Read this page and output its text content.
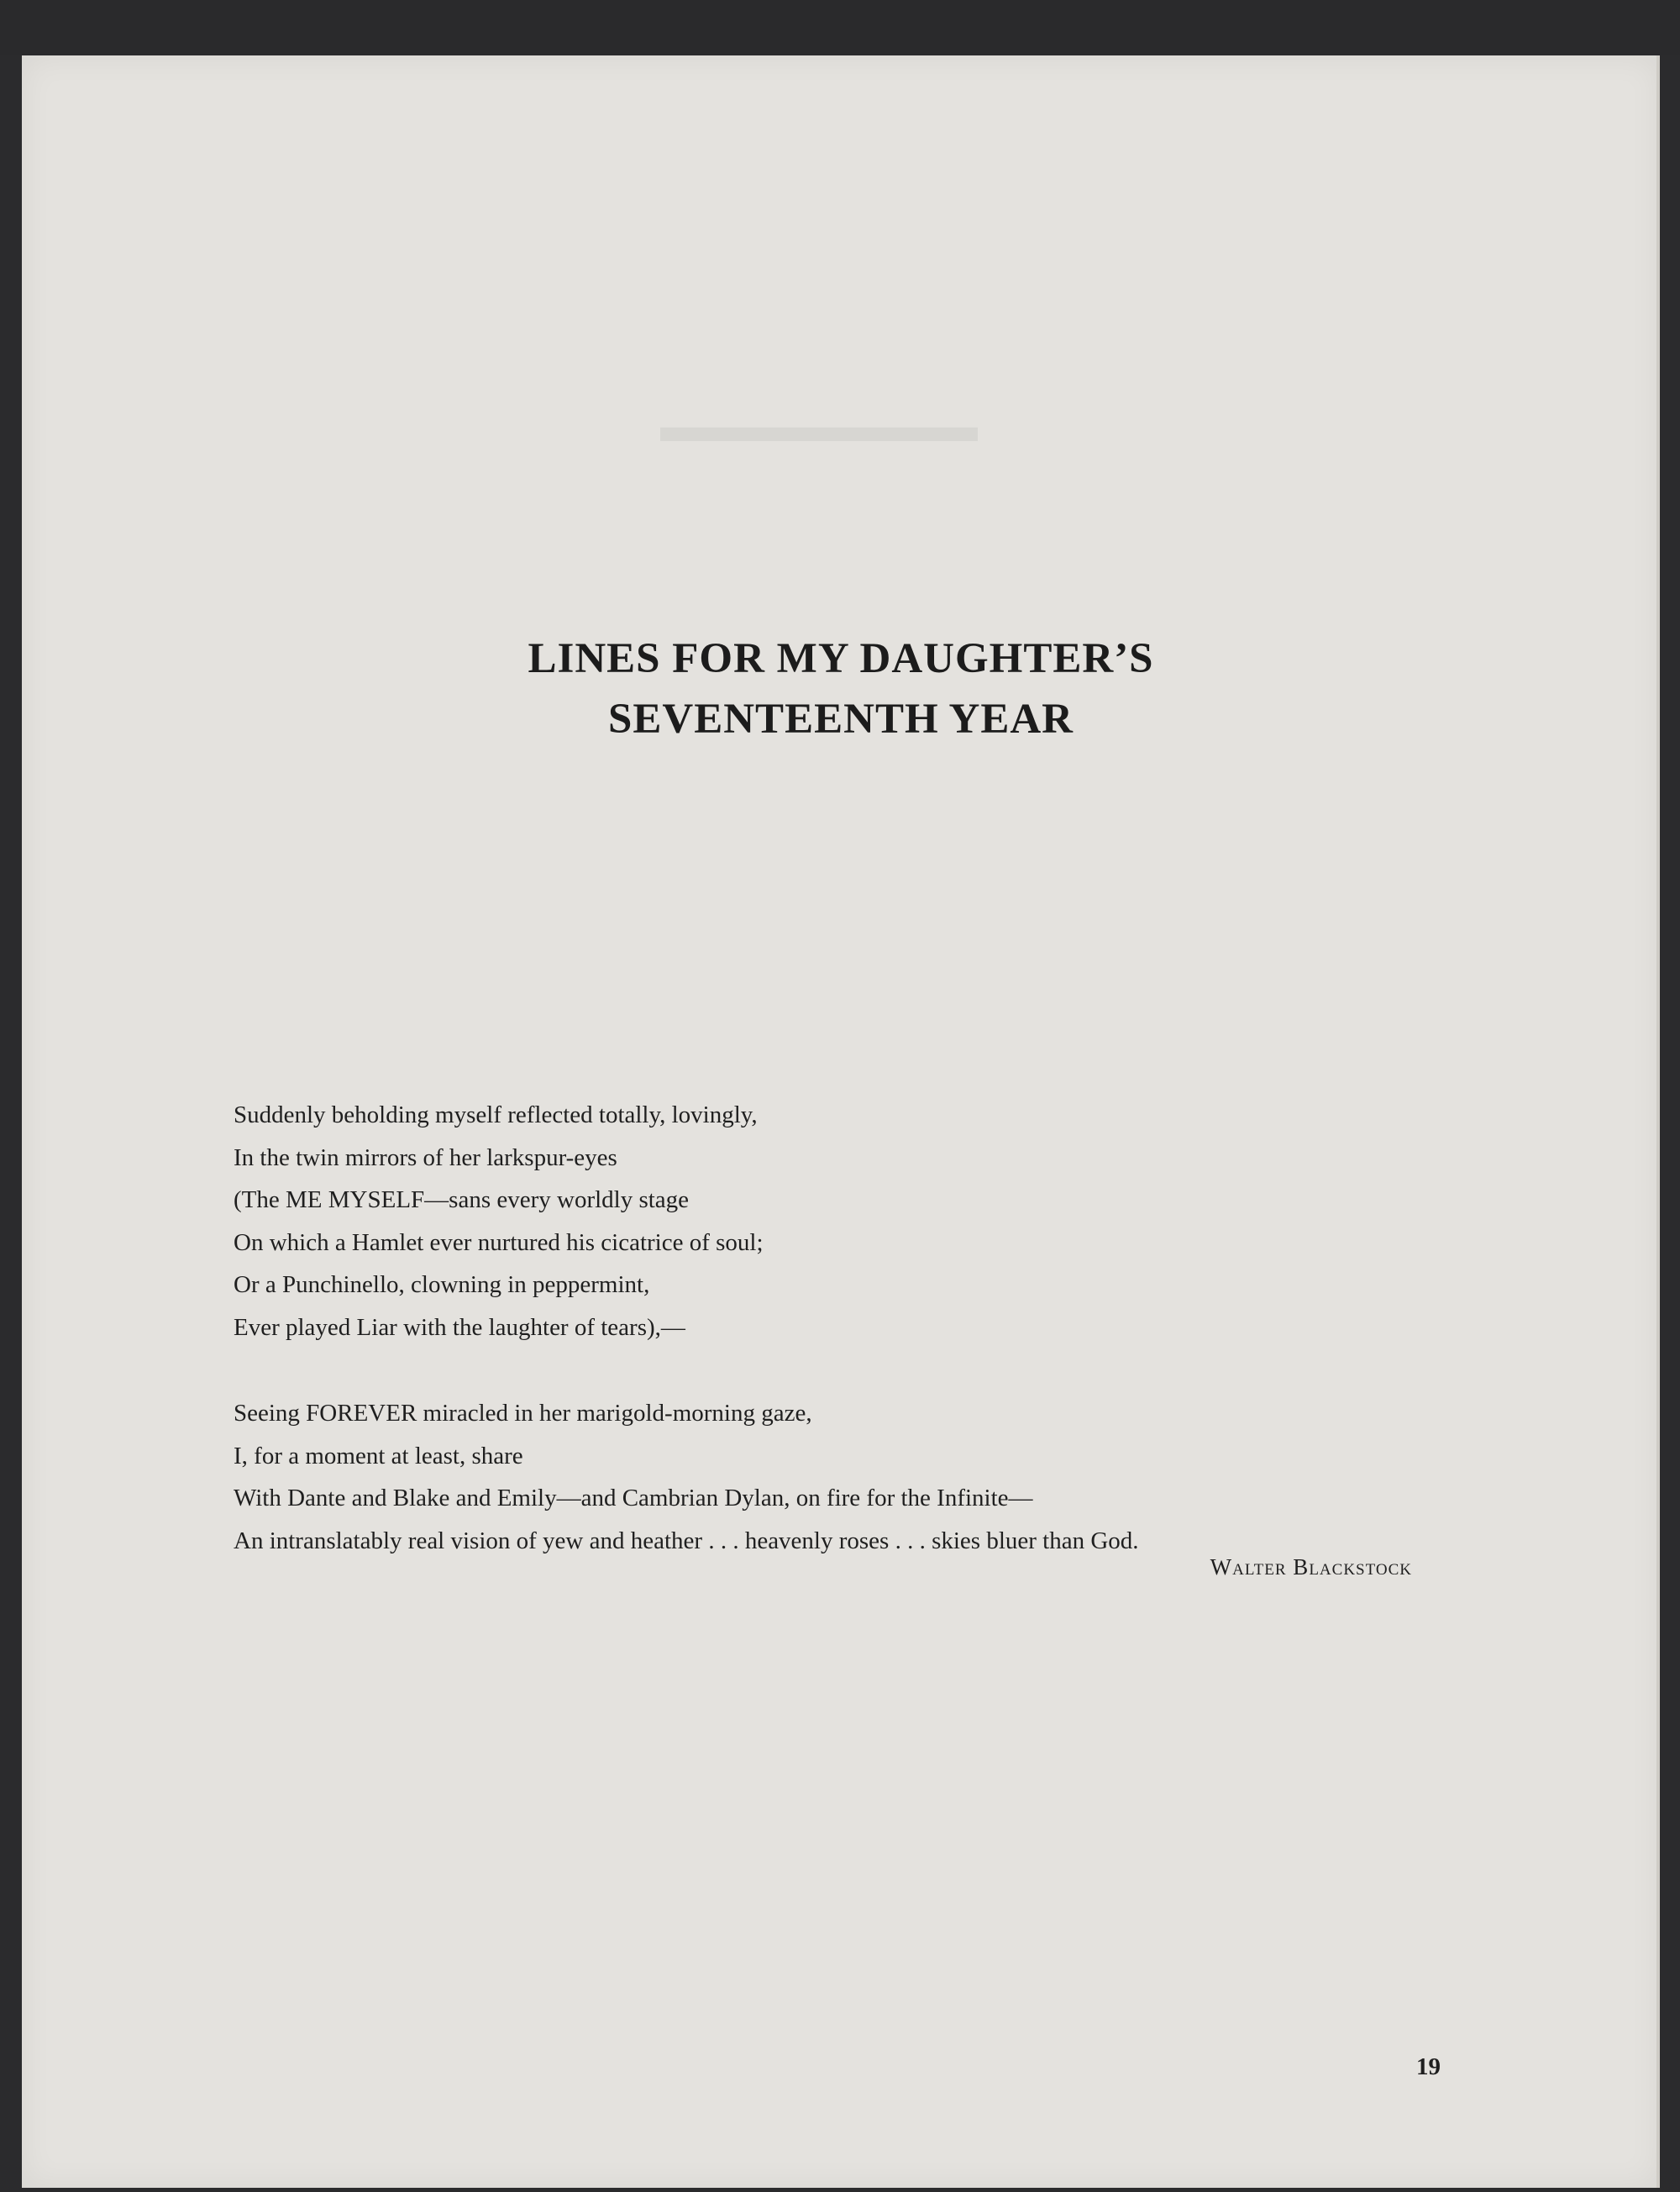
▬▬▬▬▬▬▬
LINES FOR MY DAUGHTER’S
SEVENTEENTH YEAR
Suddenly beholding myself reflected totally, lovingly,
In the twin mirrors of her larkspur-eyes
(The ME MYSELF—sans every worldly stage
On which a Hamlet ever nurtured his cicatrice of soul;
Or a Punchinello, clowning in peppermint,
Ever played Liar with the laughter of tears),—
Seeing FOREVER miracled in her marigold-morning gaze,
I, for a moment at least, share
With Dante and Blake and Emily—and Cambrian Dylan, on fire for the Infinite—
An intranslatably real vision of yew and heather . . . heavenly roses . . . skies bluer than God.
Walter Blackstock
19
